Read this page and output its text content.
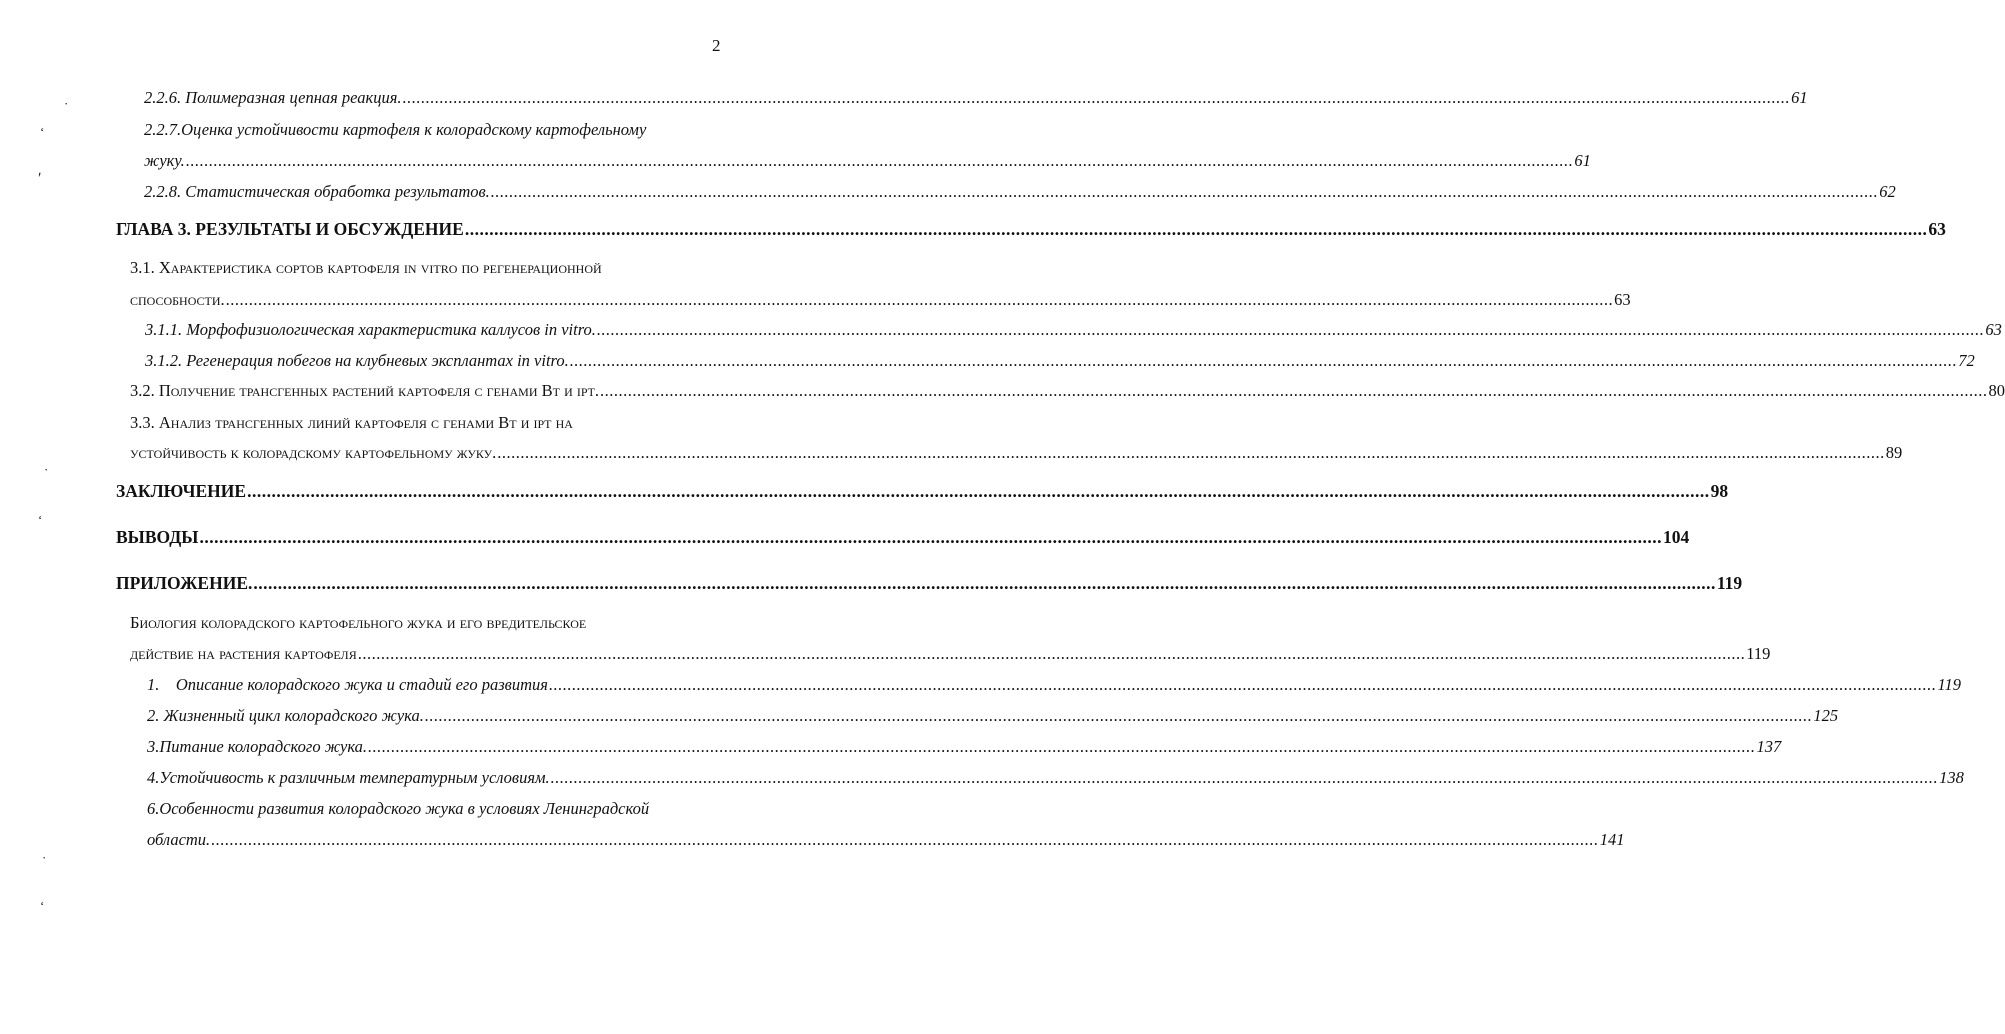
2
2.2.6. Полимеразная цепная реакция. ............................................................................................................................................................................................................................................................................................................ 61
2.2.7.Оценка устойчивости картофеля к колорадскому картофельному
жуку. ............................................................................................................................................................................................................................................................................................................ 61
2.2.8. Статистическая обработка результатов. ............................................................................................................................................................................................................................................................................................................ 62
ГЛАВА 3. РЕЗУЛЬТАТЫ И ОБСУЖДЕНИЕ ............................................................................................................................................................................................................................................................................................................ 63
3.1. Характеристика сортов картофеля in vitro по регенерационной
способности. ............................................................................................................................................................................................................................................................................................................ 63
3.1.1. Морфофизиологическая характеристика каллусов in vitro. ............................................................................................................................................................................................................................................................................................................ 63
3.1.2. Регенерация побегов на клубневых эксплантах in vitro. ............................................................................................................................................................................................................................................................................................................ 72
3.2. Получение трансгенных растений картофеля с генами Bt и ipt. ............................................................................................................................................................................................................................................................................................................ 80
3.3. Анализ трансгенных линий картофеля с генами Bt и ipt на
устойчивость к колорадскому картофельному жуку. ............................................................................................................................................................................................................................................................................................................ 89
ЗАКЛЮЧЕНИЕ ............................................................................................................................................................................................................................................................................................................ 98
ВЫВОДЫ ............................................................................................................................................................................................................................................................................................................ 104
ПРИЛОЖЕНИЕ. ............................................................................................................................................................................................................................................................................................................ 119
Биология колорадского картофельного жука и его вредительское
действие на растения картофеля ............................................................................................................................................................................................................................................................................................................ 119
1.    Описание колорадского жука и стадий его развития ............................................................................................................................................................................................................................................................................................................ 119
2. Жизненный цикл колорадского жука. ............................................................................................................................................................................................................................................................................................................ 125
3.Питание колорадского жука. ............................................................................................................................................................................................................................................................................................................ 137
4.Устойчивость к различным температурным условиям. ............................................................................................................................................................................................................................................................................................................ 138
6.Особенности развития колорадского жука в условиях Ленинградской
области. ............................................................................................................................................................................................................................................................................................................ 141
·
‘
ʹ
·
‘
·
‘
